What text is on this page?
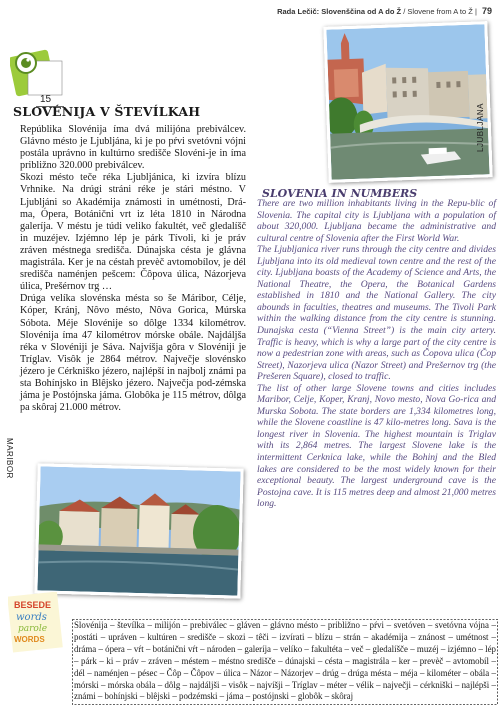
Rada Lečič: Slovenščina od A do Ž / Slovene from A to Ž | 79
15
SLOVÉNIJA V ŠTEVÍLKAH

Repúblika Slovénija íma dvá milijóna prebiválcev. Glávno mésto je Ljubljána, ki je po pŕvi svetóvni vójni postála uprávno in kultúrno središče Slovéni-je in íma približno 320.000 prebiválcev.

Skozi mésto teče réka Ljubljánica, ki izvíra blízu Vrhnike. Na drúgi stráni réke je stári méstno. V Ljubljáni so Akadémija známosti in umétnosti, Drá-ma, Ópera, Botánični vrt iz léta 1810 in Národna galeríja. V méstu je túdi veliko fakultét, več gledalíšč in muzéjev. Izjémno lép je párk Tívoli, ki je práv zráven méstnega središča. Dúnajska césta je glávna magistrála. Ker je na céstah prevèč avtomobílov, je dél središča naménjen pešcem: Čôpova úlica, Názorjeva úlica, Prešérnov trg …

Drúga velíka slovénska mésta so še Máribor, Célje, Kóper, Kránj, Nôvo mésto, Nôva Gorica, Múrska Sóbota. Méje Slovénije so dôlge 1334 kilométrov. Slovénija íma 47 kilométrov mórske obále. Najdáljša réka v Slovéniji je Sáva. Najvíšja gôra v Slovéniji je Tríglav. Visôk je 2864 métrov. Največje slovénsko jézero je Cérkniško jézero, najlépší in najbolj známi pa sta Bohínjsko in Blêjsko jézero. Največja pod-zémska jáma je Postójnska jáma. Globôka je 115 métrov, dôlga pa skôraj 21.000 métrov.

LJUBLJANA
MARIBOR
SLOVENIA IN NUMBERS

There are two million inhabitants living in the Repu-blic of Slovenia. The capital city is Ljubljana with a population of about 320,000. Ljubljana became the administrative and cultural centre of Slovenia after the First World War.

The Ljubljanica river runs through the city centre and divides Ljubljana into its old medieval town centre and the rest of the city. Ljubljana boasts of the Academy of Science and Arts, the National Theatre, the Opera, the Botanical Gardens established in 1810 and the National Gallery. The city abounds in faculties, theatres and museums. The Tivoli Park within the walking distance from the city centre is stunning. Dunajska cesta (“Vienna Street”) is the main city artery. Traffic is heavy, which is why a large part of the city centre is now a pedestrian zone with areas, such as Čopova ulica (Čop Street), Nazorjeva ulica (Nazor Street) and Prešernov trg (the Prešeren Square), closed to traffic.

The list of other large Slovene towns and cities includes Maribor, Celje, Koper, Kranj, Novo mesto, Nova Go-rica and Murska Sobota. The state borders are 1,334 kilometres long, while the Slovene coastline is 47 kilo-metres long. Sava is the longest river in Slovenia. The highest mountain is Triglav with its 2,864 metres. The largest Slovene lake is the intermittent Cerknica lake, while the Bohinj and the Bled lakes are considered to be the most widely known for their exceptional beauty. The largest underground cave is the Postojna cave. It is 115 metres deep and almost 21,000 metres long.

BESEDE
words
parole
WORDS
Slovénija – števílka – milijón – prebiválec – gláven – glávno mésto – približno – pŕvi – svetóven – svetóvna vójna – postáti – upráven – kultúren – središče – skozi – têči – izvírati – blízu – strán – akadémija – znánost – umétnost – dráma – ópera – vŕt – botánični vŕt – národen – galeríja – velíko – fakultéta – več – gledalíšče – muzéj – izjémno – lép – párk – ki – práv – zráven – méstem – méstno središče – dúnajski – césta – magistrála – ker – prevèč – avtomobíl – dél – naménjen – pésec – Čôp – Čôpov – úlica – Názor – Názorjev – drúg – drúga mésta – méja – kilométer – obála – mórski – mórska obála – dôlg – najdáljši – visôk – najvíšji – Tríglav – méter – vélik – največji – cérkniški – najlépši – známi – bohínjski – blêjski – podzémski – jáma – postójnski – globôk – skôraj
